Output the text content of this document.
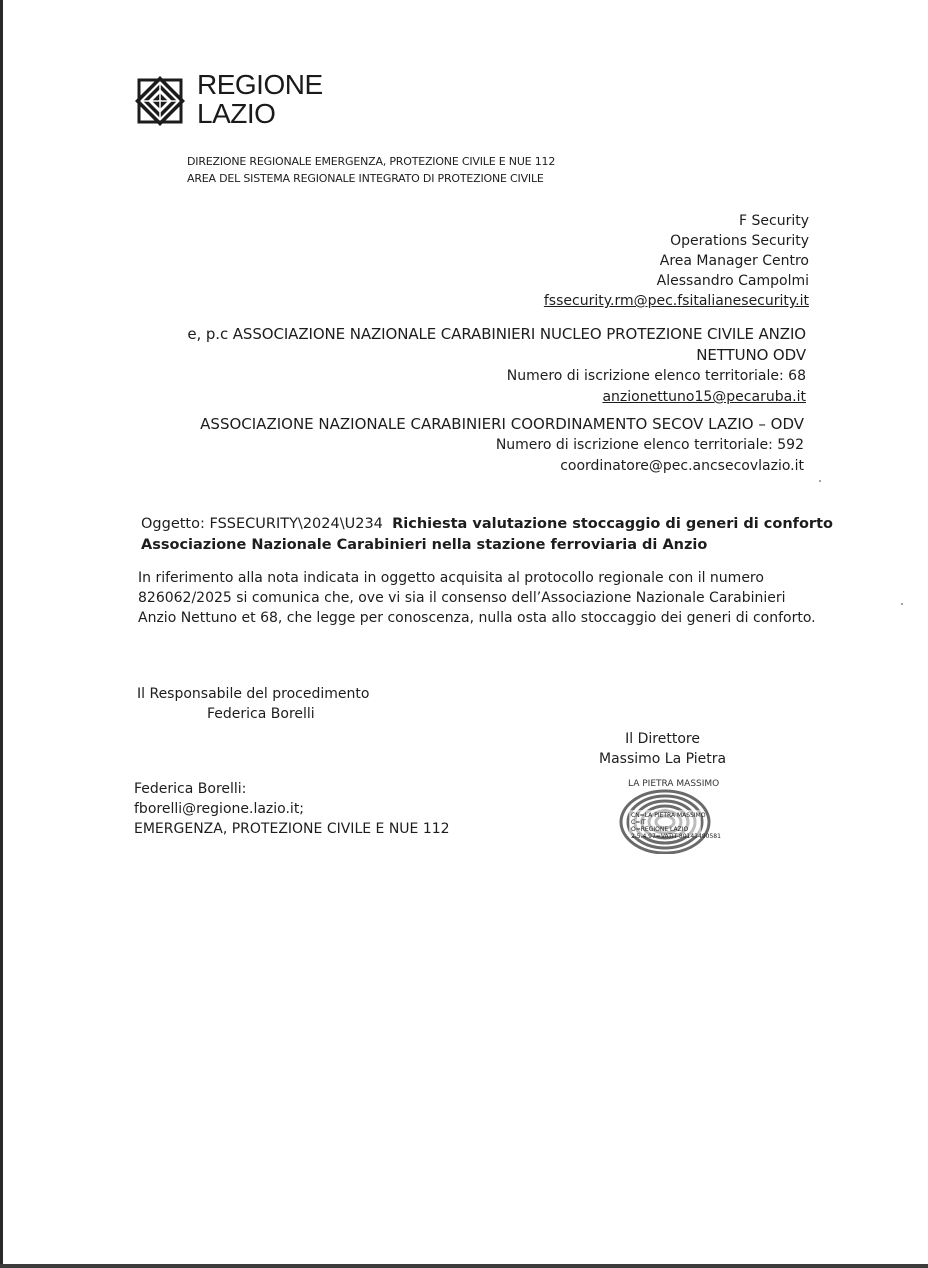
REGIONE
LAZIO
DIREZIONE REGIONALE EMERGENZA, PROTEZIONE CIVILE E NUE 112
AREA DEL SISTEMA REGIONALE INTEGRATO DI PROTEZIONE CIVILE
F Security
Operations Security
Area Manager Centro
Alessandro Campolmi
fssecurity.rm@pec.fsitalianesecurity.it
e, p.c ASSOCIAZIONE NAZIONALE CARABINIERI NUCLEO PROTEZIONE CIVILE ANZIO
NETTUNO ODV
Numero di iscrizione elenco territoriale: 68
anzionettuno15@pecaruba.it
ASSOCIAZIONE NAZIONALE CARABINIERI COORDINAMENTO SECOV LAZIO – ODV
Numero di iscrizione elenco territoriale: 592
coordinatore@pec.ancsecovlazio.it
Oggetto: FSSECURITY\2024\U234 Richiesta valutazione stoccaggio di generi di conforto
Associazione Nazionale Carabinieri nella stazione ferroviaria di Anzio
In riferimento alla nota indicata in oggetto acquisita al protocollo regionale con il numero
826062/2025 si comunica che, ove vi sia il consenso dell’Associazione Nazionale Carabinieri
Anzio Nettuno et 68, che legge per conoscenza, nulla osta allo stoccaggio dei generi di conforto.
Il Responsabile del procedimento
Federica Borelli
Il Direttore
Massimo La Pietra
Federica Borelli:
fborelli@regione.lazio.it;
EMERGENZA, PROTEZIONE CIVILE E NUE 112
LA PIETRA MASSIMO
CN=LA PIETRA MASSIMO
C=IT
O=REGIONE LAZIO
2.5.4.97=VATIT-80143490581
